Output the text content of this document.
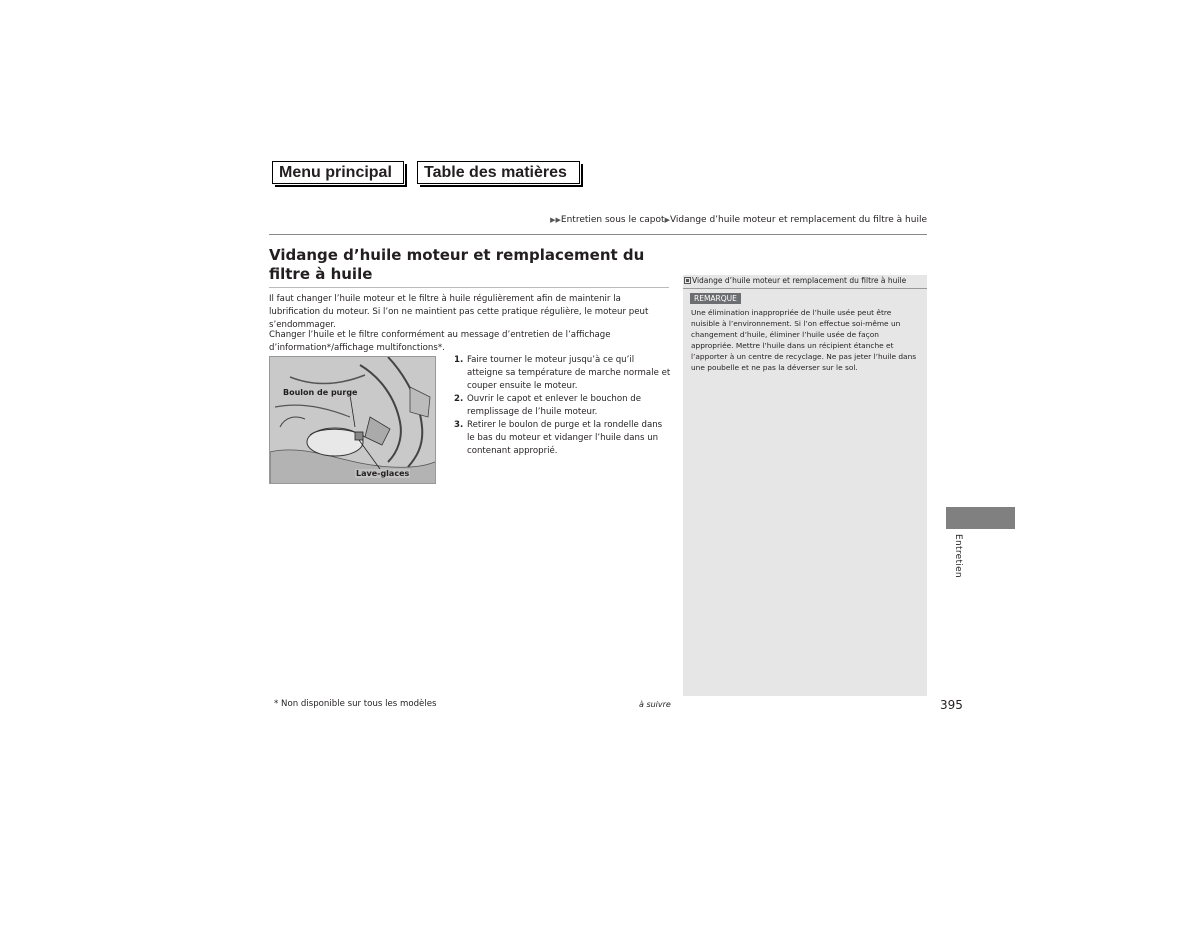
Menu principal	Table des matières
▶▶Entretien sous le capot▶Vidange d’huile moteur et remplacement du filtre à huile
Vidange d’huile moteur et remplacement du filtre à huile

Il faut changer l’huile moteur et le filtre à huile régulièrement afin de maintenir la lubrification du moteur. Si l’on ne maintient pas cette pratique régulière, le moteur peut s’endommager.

Changer l’huile et le filtre conformément au message d’entretien de l’affichage d’information*/affichage multifonctions*.

Boulon de purge
Lave-glaces
1. Faire tourner le moteur jusqu’à ce qu’il atteigne sa température de marche normale et couper ensuite le moteur.
2. Ouvrir le capot et enlever le bouchon de remplissage de l’huile moteur.
3. Retirer le boulon de purge et la rondelle dans le bas du moteur et vidanger l’huile dans un contenant approprié.
Vidange d’huile moteur et remplacement du filtre à huile
REMARQUE

Une élimination inappropriée de l’huile usée peut être nuisible à l’environnement. Si l’on effectue soi-même un changement d’huile, éliminer l’huile usée de façon appropriée. Mettre l’huile dans un récipient étanche et l’apporter à un centre de recyclage. Ne pas jeter l’huile dans une poubelle et ne pas la déverser sur le sol.

Entretien
* Non disponible sur tous les modèles	à suivre	395
